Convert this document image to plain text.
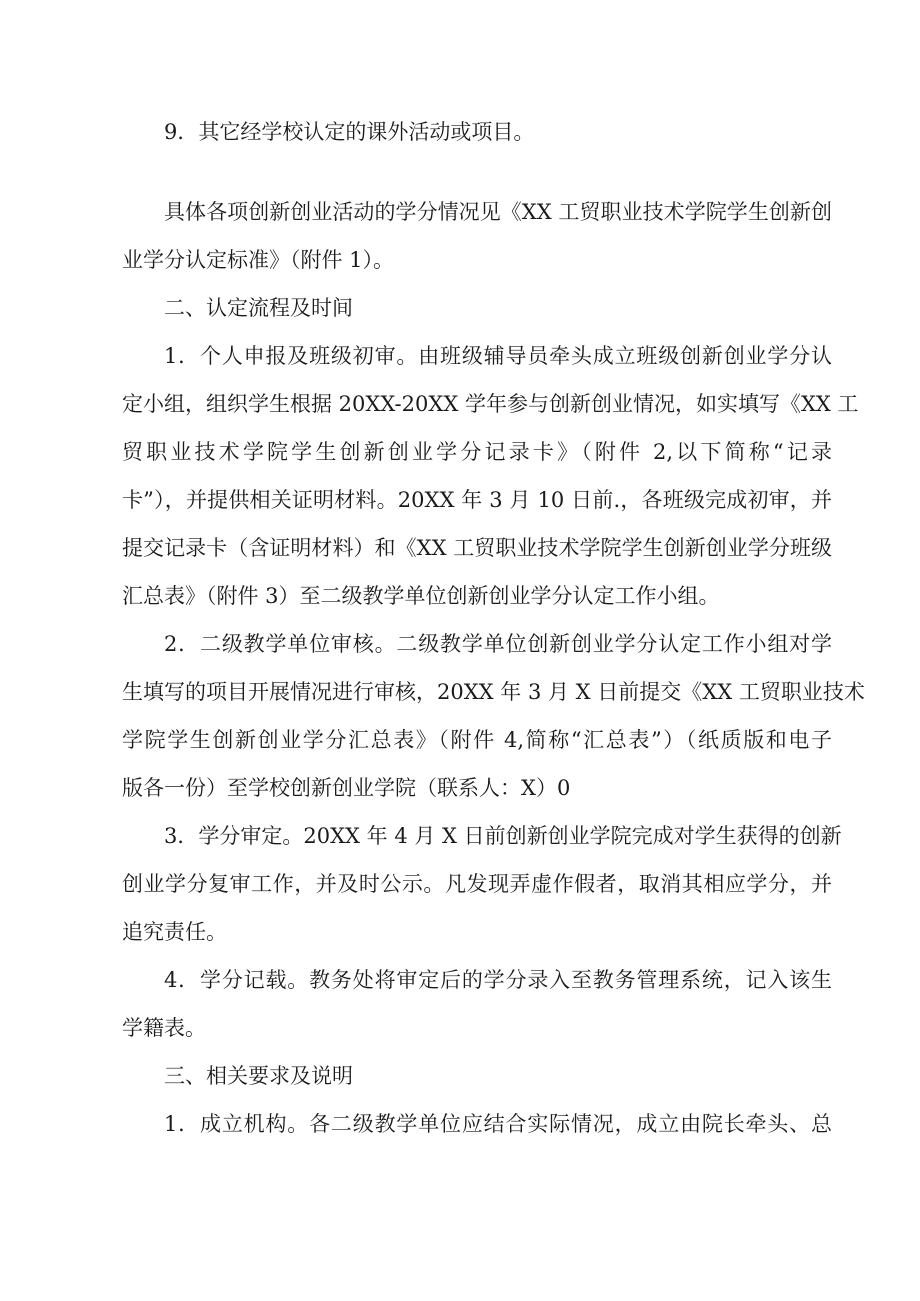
9．其它经学校认定的课外活动或项目。
具体各项创新创业活动的学分情况见《XX 工贸职业技术学院学生创新创
业学分认定标准》（附件 1）。
二、认定流程及时间
1．个人申报及班级初审。由班级辅导员牵头成立班级创新创业学分认
定小组，组织学生根据 20XX-20XX 学年参与创新创业情况，如实填写《XX 工
贸职业技术学院学生创新创业学分记录卡》（附件 2,以下简称“记录
卡”），并提供相关证明材料。20XX 年 3 月 10 日前.，各班级完成初审，并
提交记录卡（含证明材料）和《XX 工贸职业技术学院学生创新创业学分班级
汇总表》（附件 3）至二级教学单位创新创业学分认定工作小组。
2．二级教学单位审核。二级教学单位创新创业学分认定工作小组对学
生填写的项目开展情况进行审核，20XX 年 3 月 X 日前提交《XX 工贸职业技术
学院学生创新创业学分汇总表》（附件 4,简称“汇总表”）（纸质版和电子
版各一份）至学校创新创业学院（联系人：X）0
3．学分审定。20XX 年 4 月 X 日前创新创业学院完成对学生获得的创新
创业学分复审工作，并及时公示。凡发现弄虚作假者，取消其相应学分，并
追究责任。
4．学分记载。教务处将审定后的学分录入至教务管理系统，记入该生
学籍表。
三、相关要求及说明
1．成立机构。各二级教学单位应结合实际情况，成立由院长牵头、总
